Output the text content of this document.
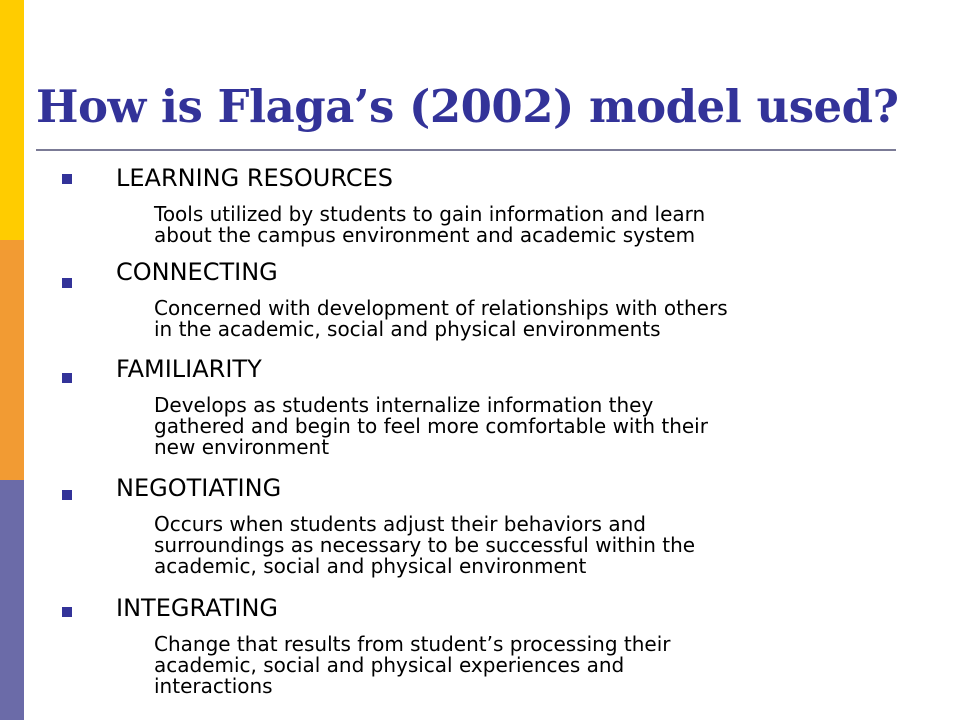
How is Flaga’s (2002) model used?
LEARNING RESOURCES
Tools utilized by students to gain information and learn
about the campus environment and academic system
CONNECTING
Concerned with development of relationships with others
in the academic, social and physical environments
FAMILIARITY
Develops as students internalize information they
gathered and begin to feel more comfortable with their
new environment
NEGOTIATING
Occurs when students adjust their behaviors and
surroundings as necessary to be successful within the
academic, social and physical environment
INTEGRATING
Change that results from student’s processing their
academic, social and physical experiences and
interactions
